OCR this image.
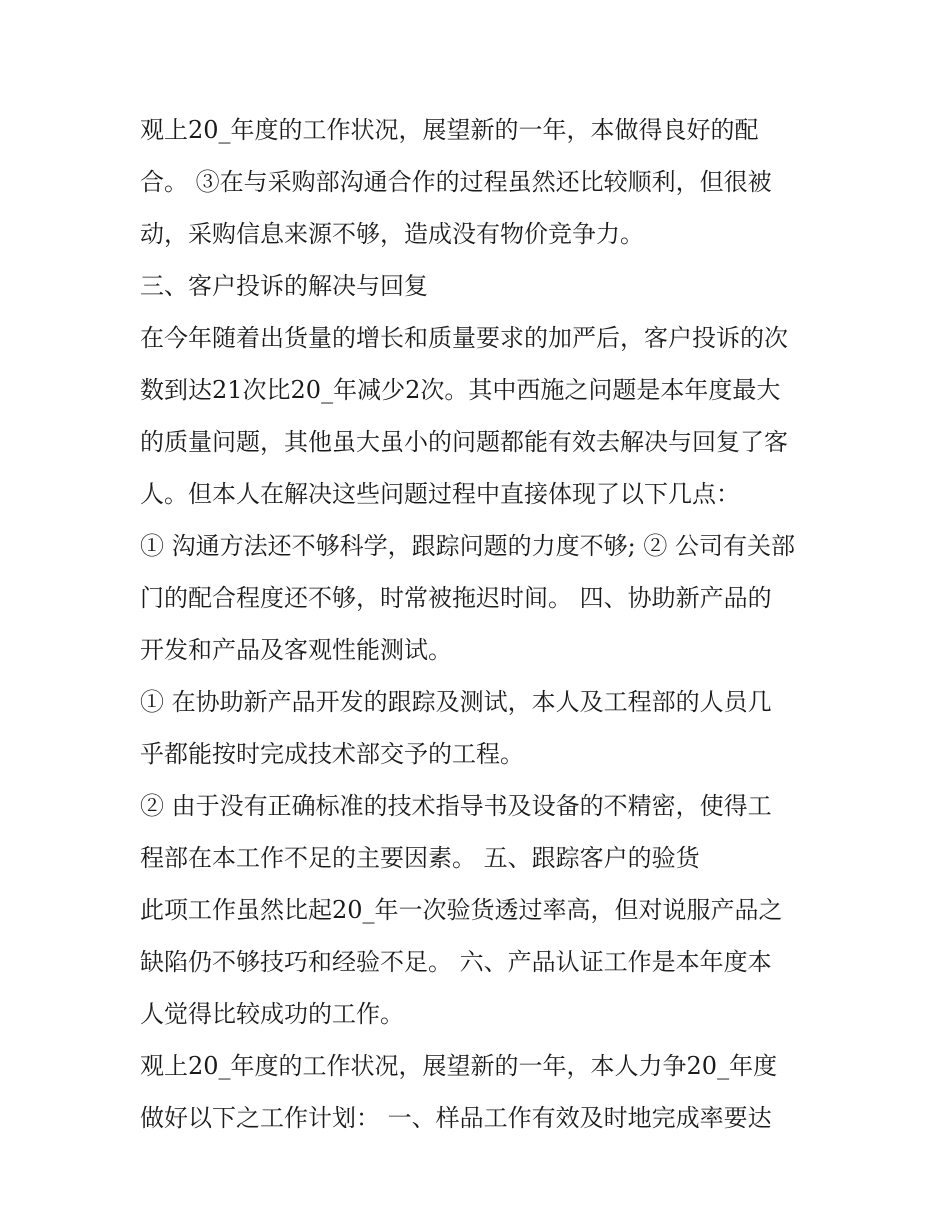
观上20_年度的工作状况，展望新的一年，本做得良好的配
合。 ③在与采购部沟通合作的过程虽然还比较顺利，但很被
动，采购信息来源不够，造成没有物价竞争力。
三、客户投诉的解决与回复
在今年随着出货量的增长和质量要求的加严后，客户投诉的次
数到达21次比20_年减少2次。其中西施之问题是本年度最大
的质量问题，其他虽大虽小的问题都能有效去解决与回复了客
人。但本人在解决这些问题过程中直接体现了以下几点：
① 沟通方法还不够科学，跟踪问题的力度不够; ② 公司有关部
门的配合程度还不够，时常被拖迟时间。 四、协助新产品的
开发和产品及客观性能测试。
① 在协助新产品开发的跟踪及测试，本人及工程部的人员几
乎都能按时完成技术部交予的工程。
② 由于没有正确标准的技术指导书及设备的不精密，使得工
程部在本工作不足的主要因素。 五、跟踪客户的验货
此项工作虽然比起20_年一次验货透过率高，但对说服产品之
缺陷仍不够技巧和经验不足。 六、产品认证工作是本年度本
人觉得比较成功的工作。
观上20_年度的工作状况，展望新的一年，本人力争20_年度
做好以下之工作计划： 一、样品工作有效及时地完成率要达
